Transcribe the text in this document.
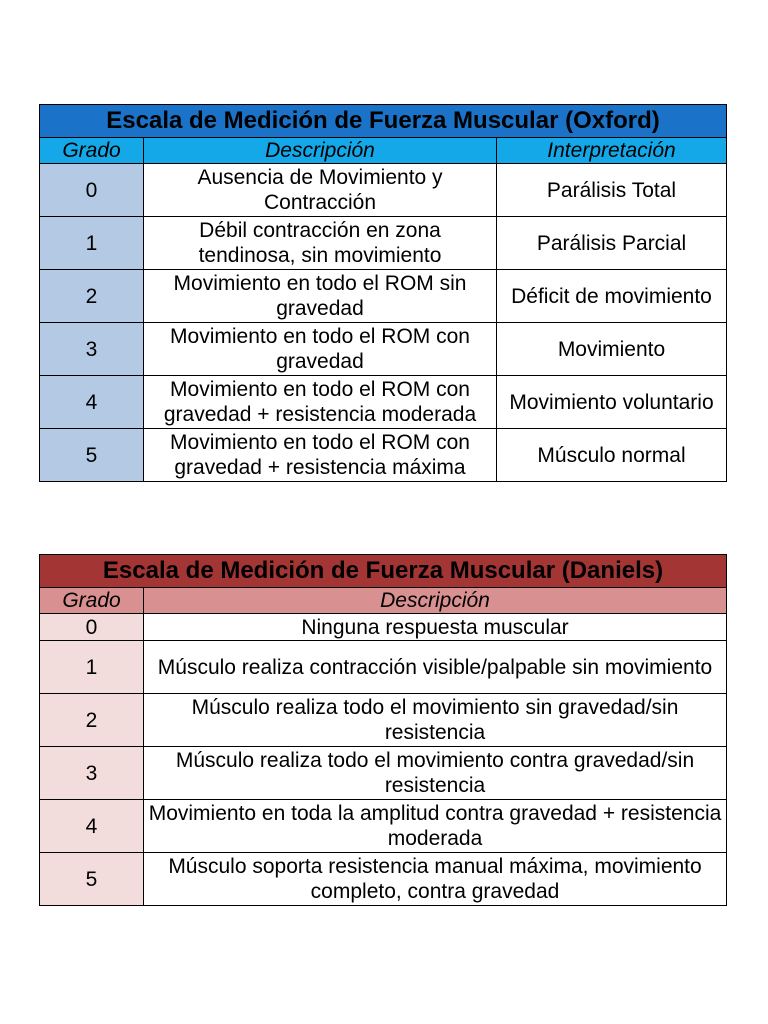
Escala de Medición de Fuerza Muscular (Oxford)		
Grado	Descripción	Interpretación
0	Ausencia de Movimiento y Contracción	Parálisis Total
1	Débil contracción en zona tendinosa, sin movimiento	Parálisis Parcial
2	Movimiento en todo el ROM sin gravedad	Déficit de movimiento
3	Movimiento en todo el ROM con gravedad	Movimiento
4	Movimiento en todo el ROM con gravedad + resistencia moderada	Movimiento voluntario
5	Movimiento en todo el ROM con gravedad + resistencia máxima	Músculo normal
Escala de Medición de Fuerza Muscular (Daniels)	
Grado	Descripción
0	Ninguna respuesta muscular
1	Músculo realiza contracción visible/palpable sin movimiento
2	Músculo realiza todo el movimiento sin gravedad/sin resistencia
3	Músculo realiza todo el movimiento contra gravedad/sin resistencia
4	Movimiento en toda la amplitud contra gravedad + resistencia moderada
5	Músculo soporta resistencia manual máxima, movimiento completo, contra gravedad
